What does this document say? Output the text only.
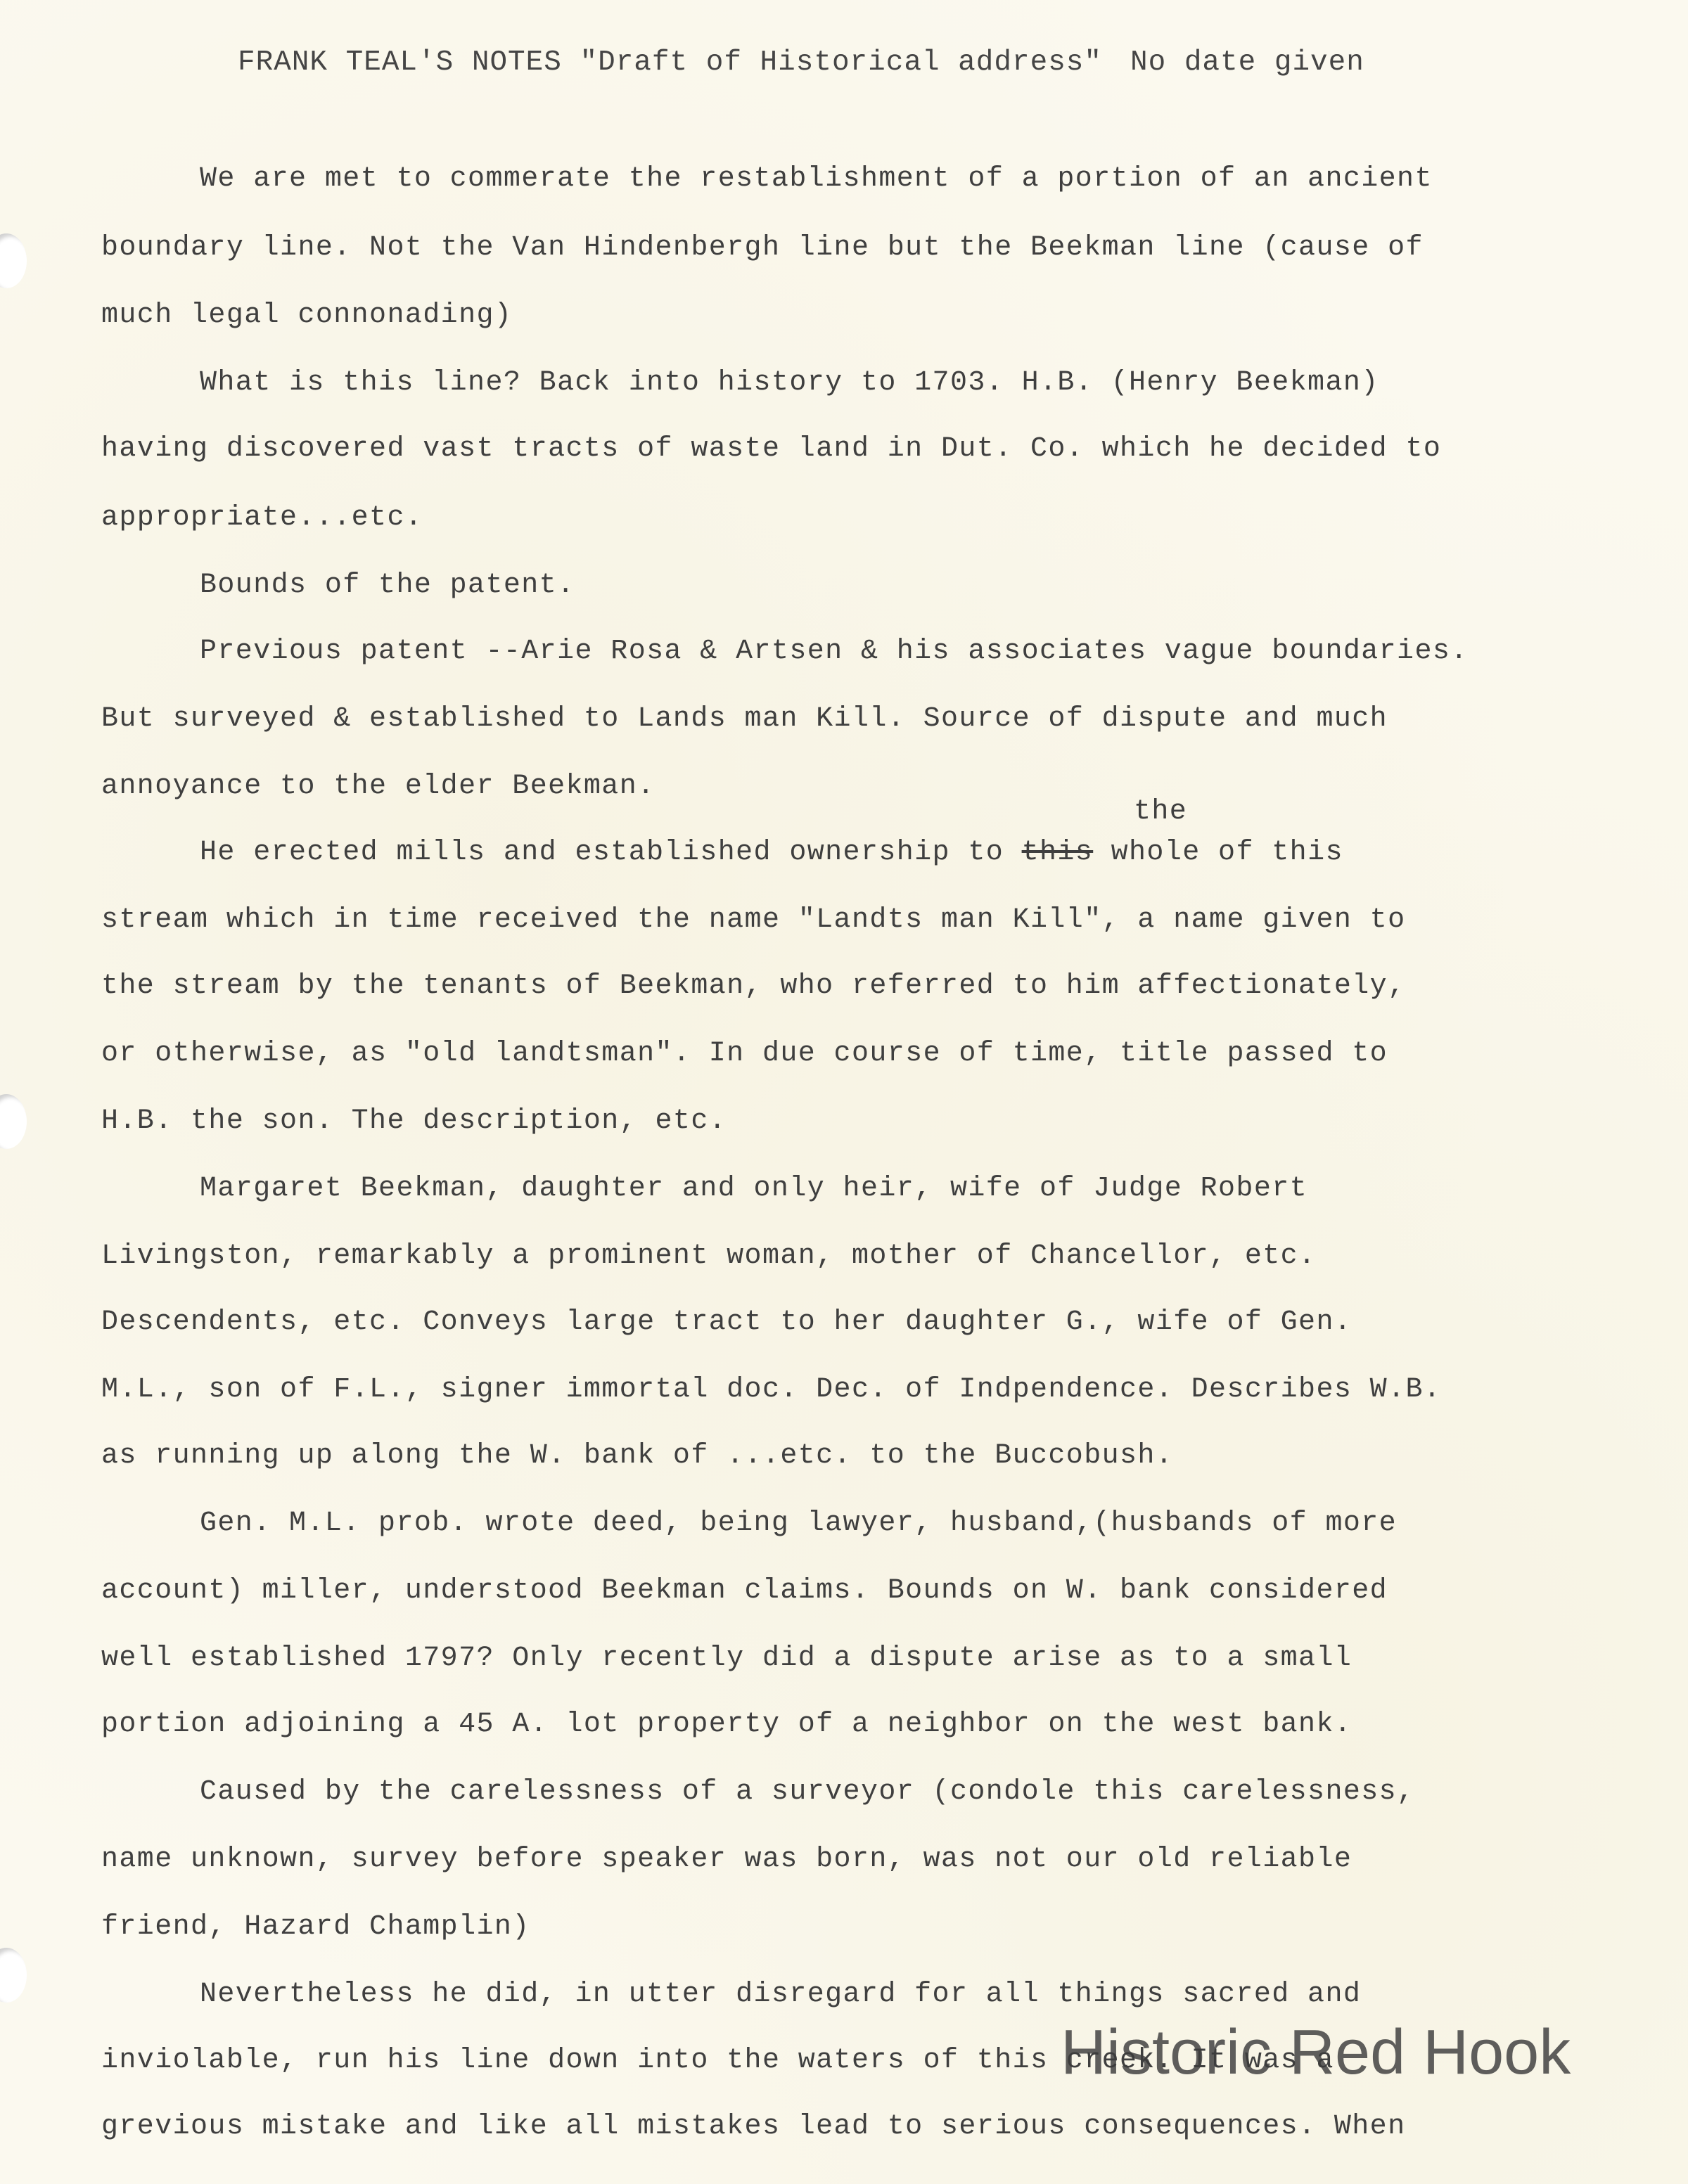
FRANK TEAL'S NOTES "Draft of Historical address" No date given
We are met to commerate the restablishment of a portion of an ancient
boundary line. Not the Van Hindenbergh line but the Beekman line (cause of
much legal connonading)
What is this line? Back into history to 1703. H.B. (Henry Beekman)
having discovered vast tracts of waste land in Dut. Co. which he decided to
appropriate...etc.
Bounds of the patent.
Previous patent --Arie Rosa & Artsen & his associates vague boundaries.
But surveyed & established to Lands man Kill. Source of dispute and much
annoyance to the elder Beekman.
the
He erected mills and established ownership to this whole of this
stream which in time received the name "Landts man Kill", a name given to
the stream by the tenants of Beekman, who referred to him affectionately,
or otherwise, as "old landtsman". In due course of time, title passed to
H.B. the son. The description, etc.
Margaret Beekman, daughter and only heir, wife of Judge Robert
Livingston, remarkably a prominent woman, mother of Chancellor, etc.
Descendents, etc. Conveys large tract to her daughter G., wife of Gen.
M.L., son of F.L., signer immortal doc. Dec. of Indpendence. Describes W.B.
as running up along the W. bank of ...etc. to the Buccobush.
Gen. M.L. prob. wrote deed, being lawyer, husband,(husbands of more
account) miller, understood Beekman claims. Bounds on W. bank considered
well established 1797? Only recently did a dispute arise as to a small
portion adjoining a 45 A. lot property of a neighbor on the west bank.
Caused by the carelessness of a surveyor (condole this carelessness,
name unknown, survey before speaker was born, was not our old reliable
friend, Hazard Champlin)
Nevertheless he did, in utter disregard for all things sacred and
inviolable, run his line down into the waters of this creek. It was a
grevious mistake and like all mistakes lead to serious consequences. When
Historic Red Hook
